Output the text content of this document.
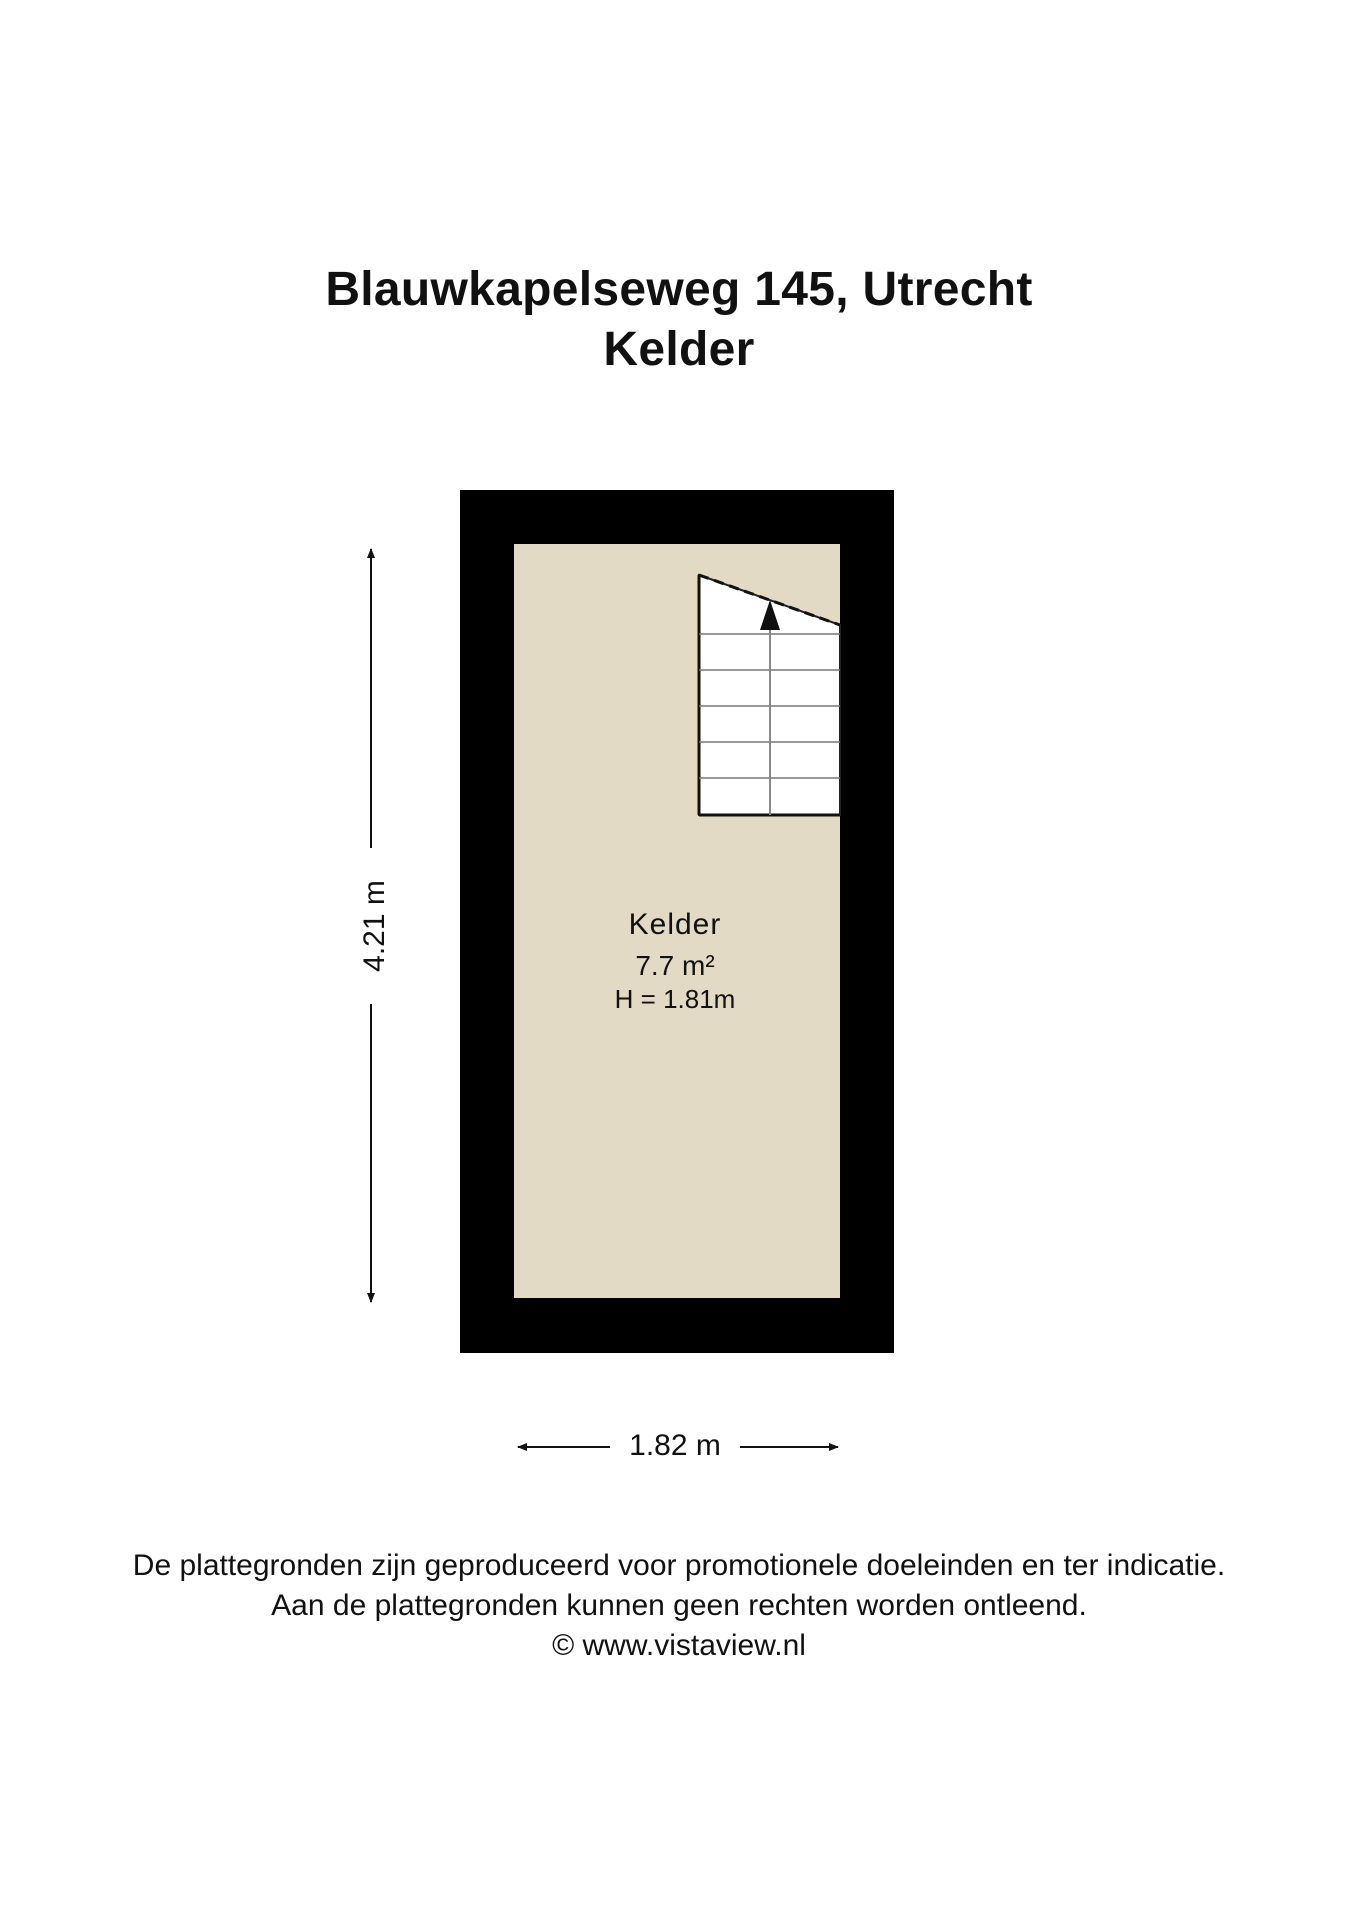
Blauwkapelseweg 145, Utrecht
Kelder
Kelder
7.7 m²
H = 1.81m
4.21 m
1.82 m
De plattegronden zijn geproduceerd voor promotionele doeleinden en ter indicatie.
Aan de plattegronden kunnen geen rechten worden ontleend.
© www.vistaview.nl
